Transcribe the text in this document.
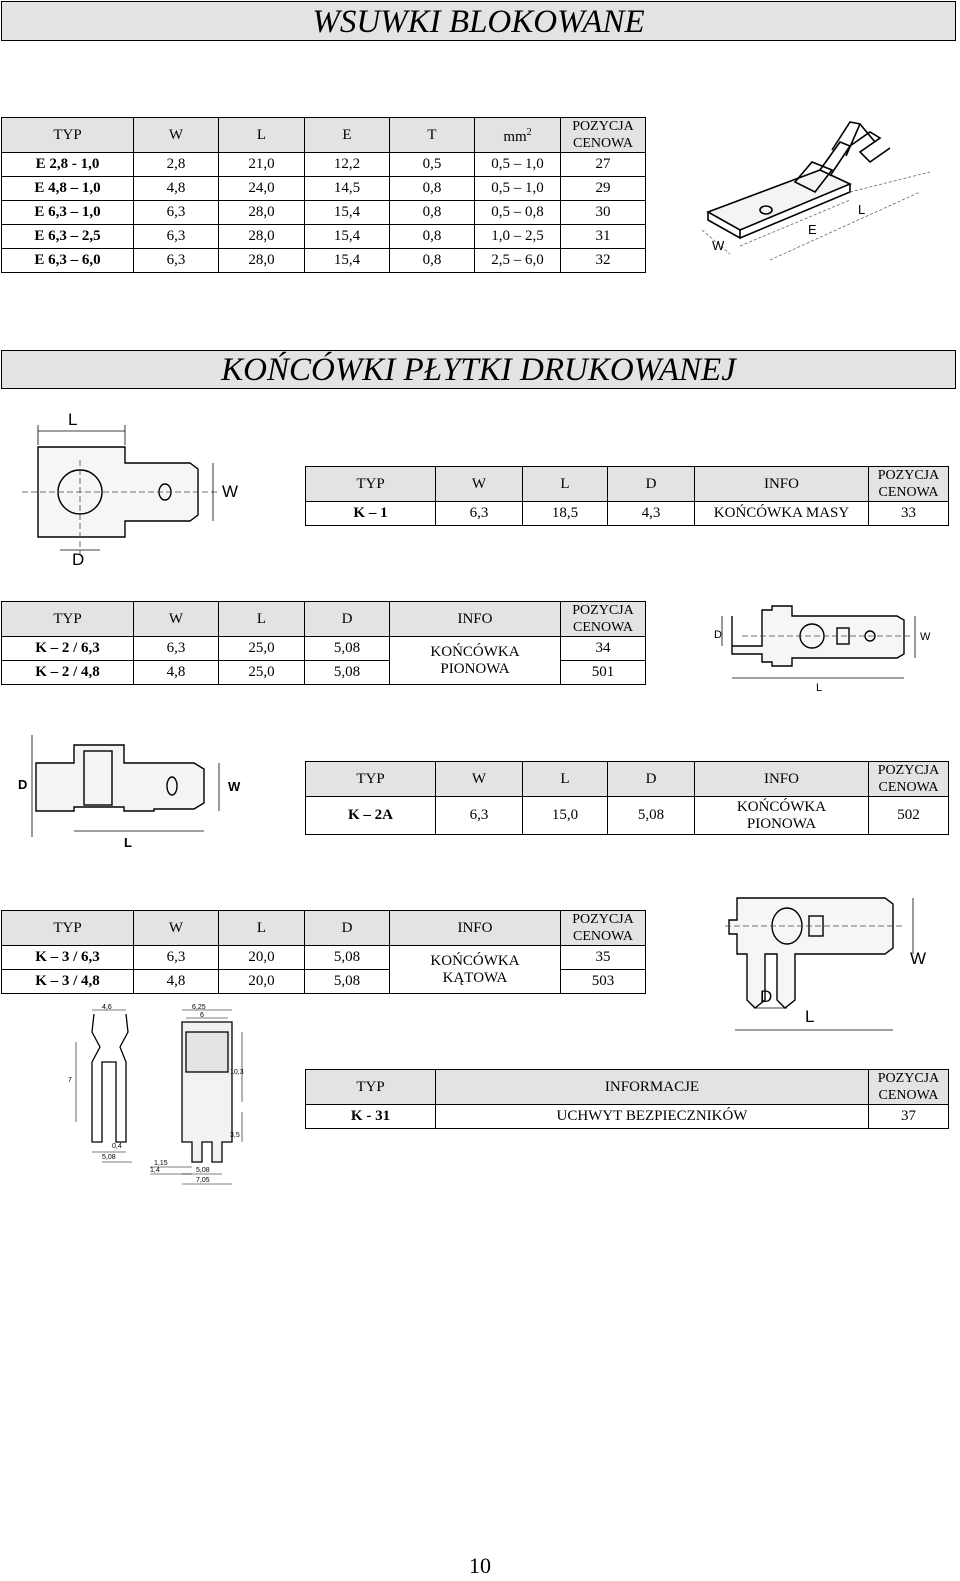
WSUWKI BLOKOWANE
TYP	W	L	E	T	$mm^2$	POZYCJA
CENOWA
E 2,8 - 1,0	2,8	21,0	12,2	0,5	0,5 – 1,0	27
E 4,8 – 1,0	4,8	24,0	14,5	0,8	0,5 – 1,0	29
E 6,3 – 1,0	6,3	28,0	15,4	0,8	0,5 – 0,8	30
E 6,3 – 2,5	6,3	28,0	15,4	0,8	1,0 – 2,5	31
E 6,3 – 6,0	6,3	28,0	15,4	0,8	2,5 – 6,0	32
W
E
L
KOŃCÓWKI PŁYTKI DRUKOWANEJ
L
W
D
TYP	W	L	D	INFO	POZYCJA
CENOWA
K – 1	6,3	18,5	4,3	KOŃCÓWKA MASY	33
TYP	W	L	D	INFO	POZYCJA
CENOWA
K – 2 / 6,3	6,3	25,0	5,08	KOŃCÓWKA
PIONOWA	34
K – 2 / 4,8	4,8	25,0	5,08		501
D	W
L
D	W
L
TYP	W	L	D	INFO	POZYCJA
CENOWA
K – 2A	6,3	15,0	5,08	KOŃCÓWKA
PIONOWA	502
TYP	W	L	D	INFO	POZYCJA
CENOWA
K – 3 / 6,3	6,3	20,0	5,08	KOŃCÓWKA
KĄTOWA	35
K – 3 / 4,8	4,8	20,0	5,08		503
W
D
L
4,6	6,25
6
7
10,3
3,5
0,4
5,08
1,15
1,4	5,08
7,05
TYP	INFORMACJE	POZYCJA
CENOWA
K - 31	UCHWYT BEZPIECZNIKÓW	37
10
